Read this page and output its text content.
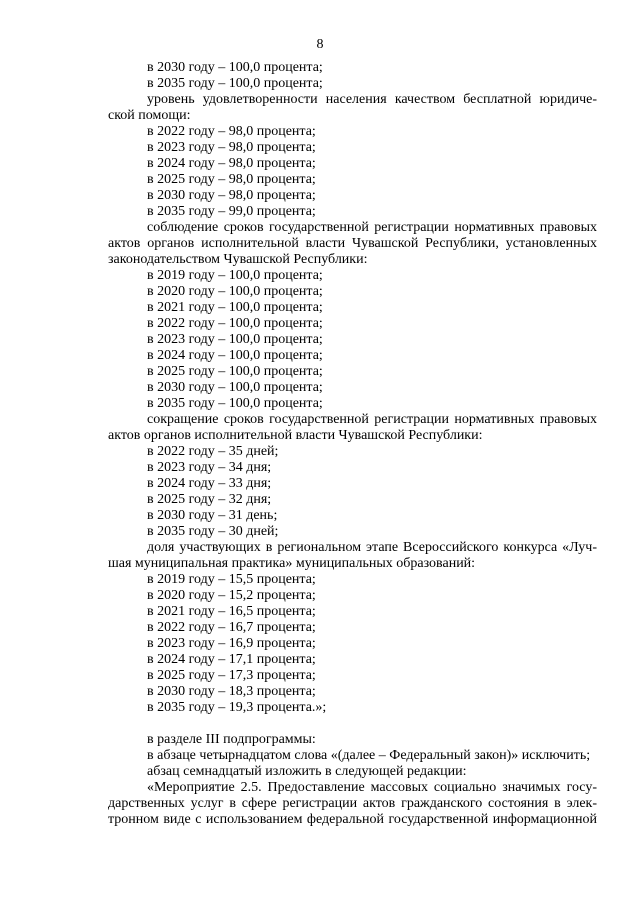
8
в 2030 году – 100,0 процента;
в 2035 году – 100,0 процента;
уровень удовлетворенности населения качеством бесплатной юридиче-
ской помощи:
в 2022 году – 98,0 процента;
в 2023 году – 98,0 процента;
в 2024 году – 98,0 процента;
в 2025 году – 98,0 процента;
в 2030 году – 98,0 процента;
в 2035 году – 99,0 процента;
соблюдение сроков государственной регистрации нормативных правовых
актов органов исполнительной власти Чувашской Республики, установленных
законодательством Чувашской Республики:
в 2019 году – 100,0 процента;
в 2020 году – 100,0 процента;
в 2021 году – 100,0 процента;
в 2022 году – 100,0 процента;
в 2023 году – 100,0 процента;
в 2024 году – 100,0 процента;
в 2025 году – 100,0 процента;
в 2030 году – 100,0 процента;
в 2035 году – 100,0 процента;
сокращение сроков государственной регистрации нормативных правовых
актов органов исполнительной власти Чувашской Республики:
в 2022 году – 35 дней;
в 2023 году – 34 дня;
в 2024 году – 33 дня;
в 2025 году – 32 дня;
в 2030 году – 31 день;
в 2035 году – 30 дней;
доля участвующих в региональном этапе Всероссийского конкурса «Луч-
шая муниципальная практика» муниципальных образований:
в 2019 году – 15,5 процента;
в 2020 году – 15,2 процента;
в 2021 году – 16,5 процента;
в 2022 году – 16,7 процента;
в 2023 году – 16,9 процента;
в 2024 году – 17,1 процента;
в 2025 году – 17,3 процента;
в 2030 году – 18,3 процента;
в 2035 году – 19,3 процента.»;
в разделе III подпрограммы:
в абзаце четырнадцатом слова «(далее – Федеральный закон)» исключить;
абзац семнадцатый изложить в следующей редакции:
«Мероприятие 2.5. Предоставление массовых социально значимых госу-
дарственных услуг в сфере регистрации актов гражданского состояния в элек-
тронном виде с использованием федеральной государственной информационной
